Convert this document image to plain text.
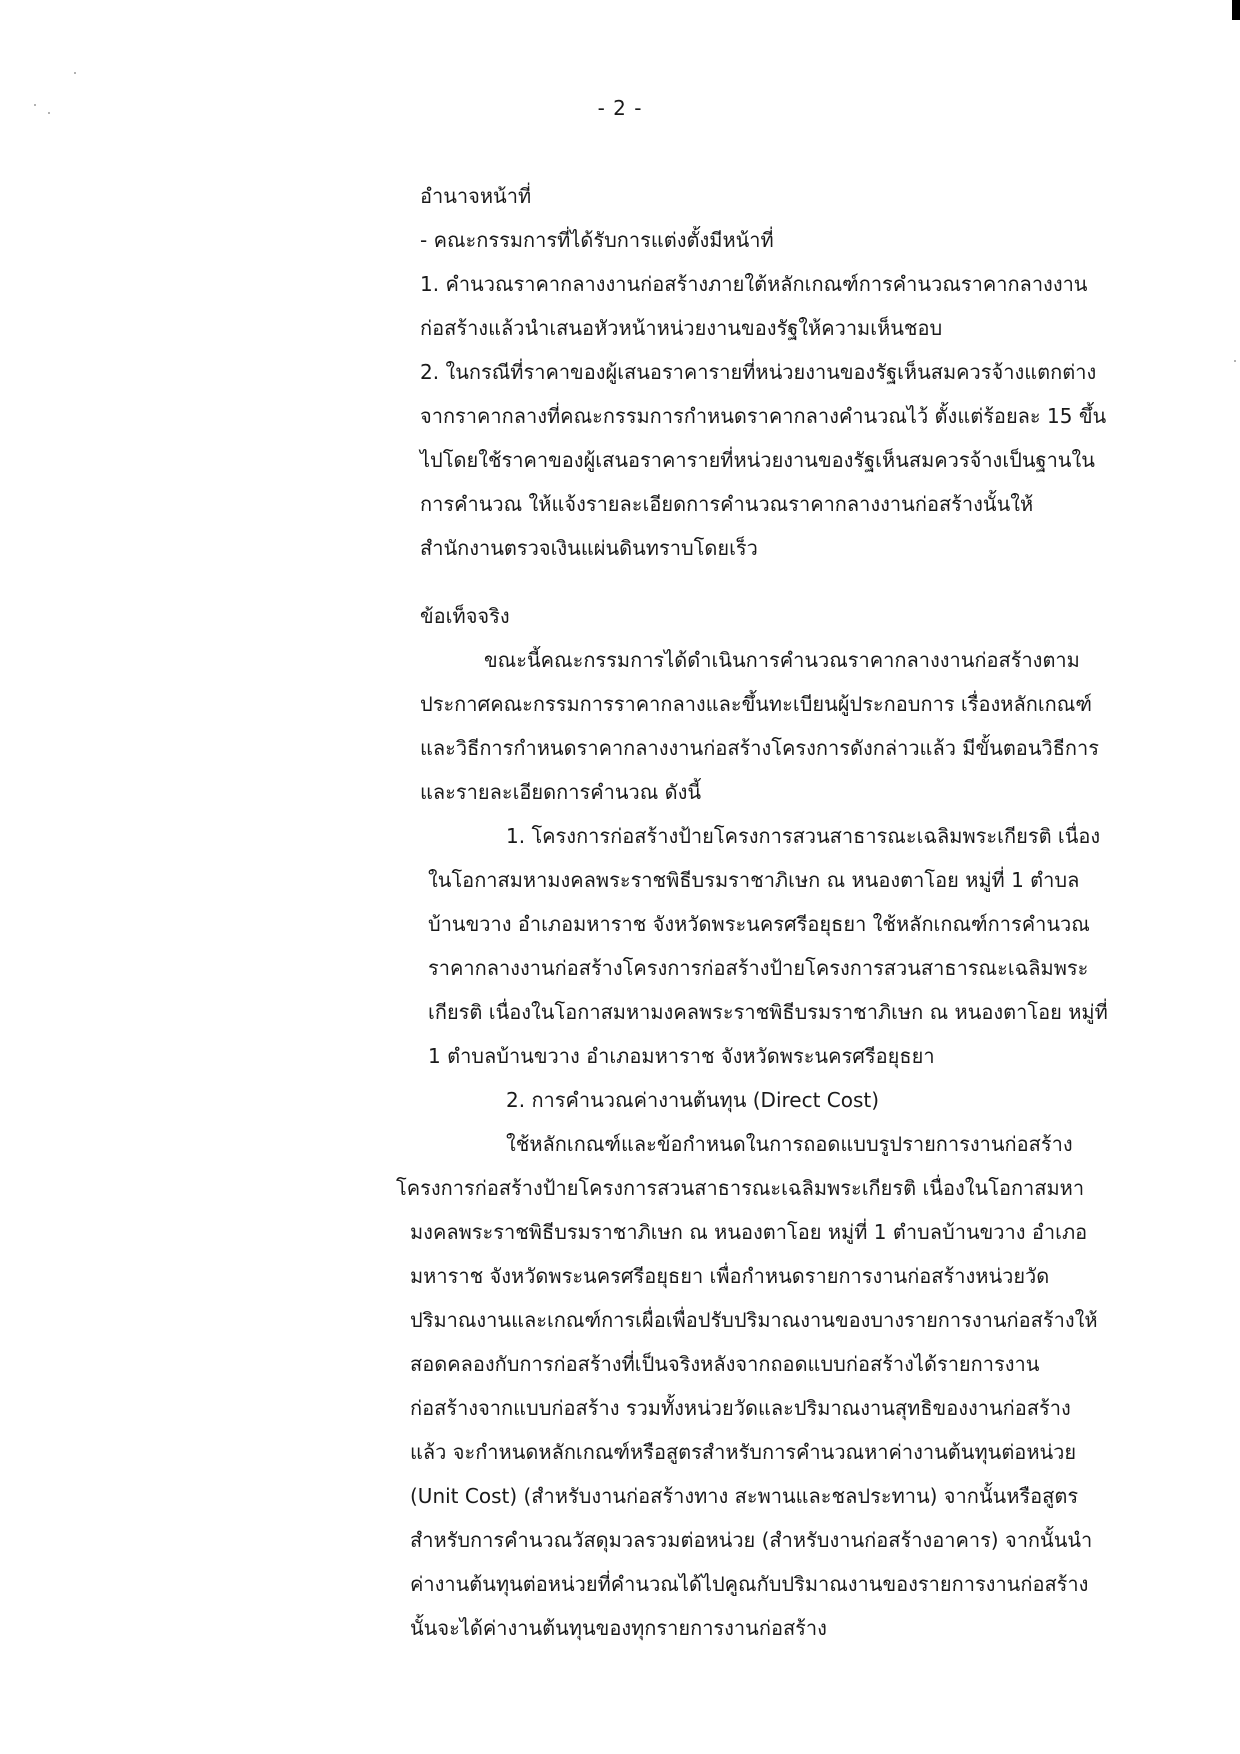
- 2 -
อำนาจหน้าที่
- คณะกรรมการที่ได้รับการแต่งตั้งมีหน้าที่
1. คำนวณราคากลางงานก่อสร้างภายใต้หลักเกณฑ์การคำนวณราคากลางงาน
ก่อสร้างแล้วนำเสนอหัวหน้าหน่วยงานของรัฐให้ความเห็นชอบ
2. ในกรณีที่ราคาของผู้เสนอราคารายที่หน่วยงานของรัฐเห็นสมควรจ้างแตกต่าง
จากราคากลางที่คณะกรรมการกำหนดราคากลางคำนวณไว้ ตั้งแต่ร้อยละ 15 ขึ้น
ไปโดยใช้ราคาของผู้เสนอราคารายที่หน่วยงานของรัฐเห็นสมควรจ้างเป็นฐานใน
การคำนวณ ให้แจ้งรายละเอียดการคำนวณราคากลางงานก่อสร้างนั้นให้
สำนักงานตรวจเงินแผ่นดินทราบโดยเร็ว
ข้อเท็จจริง
ขณะนี้คณะกรรมการได้ดำเนินการคำนวณราคากลางงานก่อสร้างตาม
ประกาศคณะกรรมการราคากลางและขึ้นทะเบียนผู้ประกอบการ เรื่องหลักเกณฑ์
และวิธีการกำหนดราคากลางงานก่อสร้างโครงการดังกล่าวแล้ว มีขั้นตอนวิธีการ
และรายละเอียดการคำนวณ ดังนี้
1. โครงการก่อสร้างป้ายโครงการสวนสาธารณะเฉลิมพระเกียรติ เนื่อง
ในโอกาสมหามงคลพระราชพิธีบรมราชาภิเษก ณ หนองตาโอย หมู่ที่ 1 ตำบล
บ้านขวาง อำเภอมหาราช จังหวัดพระนครศรีอยุธยา ใช้หลักเกณฑ์การคำนวณ
ราคากลางงานก่อสร้างโครงการก่อสร้างป้ายโครงการสวนสาธารณะเฉลิมพระ
เกียรติ เนื่องในโอกาสมหามงคลพระราชพิธีบรมราชาภิเษก ณ หนองตาโอย หมู่ที่
1 ตำบลบ้านขวาง อำเภอมหาราช จังหวัดพระนครศรีอยุธยา
2. การคำนวณค่างานต้นทุน (Direct Cost)
ใช้หลักเกณฑ์และข้อกำหนดในการถอดแบบรูปรายการงานก่อสร้าง
โครงการก่อสร้างป้ายโครงการสวนสาธารณะเฉลิมพระเกียรติ เนื่องในโอกาสมหา
มงคลพระราชพิธีบรมราชาภิเษก ณ หนองตาโอย หมู่ที่ 1 ตำบลบ้านขวาง อำเภอ
มหาราช จังหวัดพระนครศรีอยุธยา เพื่อกำหนดรายการงานก่อสร้างหน่วยวัด
ปริมาณงานและเกณฑ์การเผื่อเพื่อปรับปริมาณงานของบางรายการงานก่อสร้างให้
สอดคลองกับการก่อสร้างที่เป็นจริงหลังจากถอดแบบก่อสร้างได้รายการงาน
ก่อสร้างจากแบบก่อสร้าง รวมทั้งหน่วยวัดและปริมาณงานสุทธิของงานก่อสร้าง
แล้ว จะกำหนดหลักเกณฑ์หรือสูตรสำหรับการคำนวณหาค่างานต้นทุนต่อหน่วย
(Unit Cost) (สำหรับงานก่อสร้างทาง สะพานและชลประทาน) จากนั้นหรือสูตร
สำหรับการคำนวณวัสดุมวลรวมต่อหน่วย (สำหรับงานก่อสร้างอาคาร) จากนั้นนำ
ค่างานต้นทุนต่อหน่วยที่คำนวณได้ไปคูณกับปริมาณงานของรายการงานก่อสร้าง
นั้นจะได้ค่างานต้นทุนของทุกรายการงานก่อสร้าง
